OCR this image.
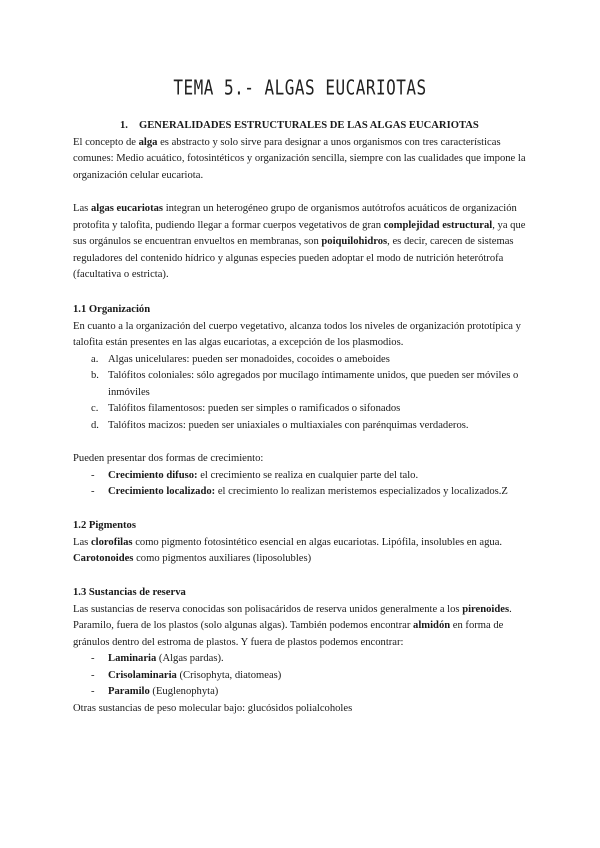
TEMA 5.- ALGAS EUCARIOTAS

1. GENERALIDADES ESTRUCTURALES DE LAS ALGAS EUCARIOTAS

El concepto de alga es abstracto y solo sirve para designar a unos organismos con tres características comunes: Medio acuático, fotosintéticos y organización sencilla, siempre con las cualidades que impone la organización celular eucariota.

Las algas eucariotas integran un heterogéneo grupo de organismos autótrofos acuáticos de organización protofita y talofita, pudiendo llegar a formar cuerpos vegetativos de gran complejidad estructural, ya que sus orgánulos se encuentran envueltos en membranas, son poiquilohidros, es decir, carecen de sistemas reguladores del contenido hídrico y algunas especies pueden adoptar el modo de nutrición heterótrofa (facultativa o estricta).

1.1 Organización

En cuanto a la organización del cuerpo vegetativo, alcanza todos los niveles de organización prototípica y talofita están presentes en las algas eucariotas, a excepción de los plasmodios.

a. Algas unicelulares: pueden ser monadoides, cocoides o ameboides
b. Talófitos coloniales: sólo agregados por mucílago íntimamente unidos, que pueden ser móviles o inmóviles
c. Talófitos filamentosos: pueden ser simples o ramificados o sifonados
d. Talófitos macizos: pueden ser uniaxiales o multiaxiales con parénquimas verdaderos.

Pueden presentar dos formas de crecimiento:

- Crecimiento difuso: el crecimiento se realiza en cualquier parte del talo.
- Crecimiento localizado: el crecimiento lo realizan meristemos especializados y localizados.Z

1.2 Pigmentos

Las clorofilas como pigmento fotosintético esencial en algas eucariotas. Lipófila, insolubles en agua.

Carotonoides como pigmentos auxiliares (liposolubles)

1.3 Sustancias de reserva

Las sustancias de reserva conocidas son polisacáridos de reserva unidos generalmente a los pirenoides. Paramilo, fuera de los plastos (solo algunas algas). También podemos encontrar almidón en forma de gránulos dentro del estroma de plastos. Y fuera de plastos podemos encontrar:

- Laminaria (Algas pardas).
- Crisolaminaria (Crisophyta, diatomeas)
- Paramilo (Euglenophyta)

Otras sustancias de peso molecular bajo: glucósidos polialcoholes
